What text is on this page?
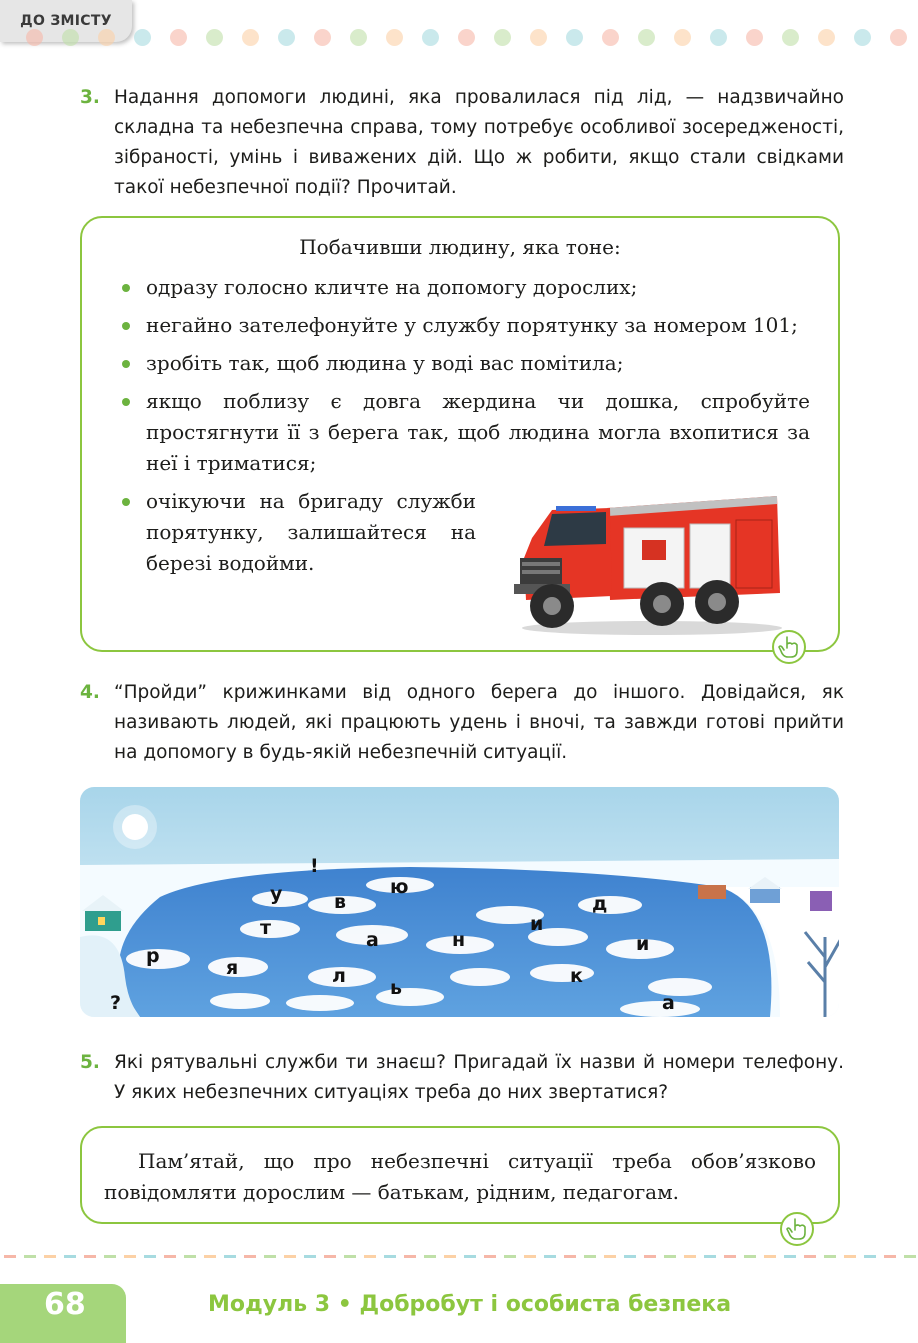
ДО ЗМІСТУ
3. Надання допомоги людині, яка провалилася під лід, — надзвичайно складна та небезпечна справа, тому потребує особливої зосередженості, зібраності, умінь і виважених дій. Що ж робити, якщо стали свідками такої небезпечної події? Прочитай.
Побачивши людину, яка тоне:
одразу голосно кличте на допомогу дорослих;
негайно зателефонуйте у службу порятунку за номером 101;
зробіть так, щоб людина у воді вас помітила;
якщо поблизу є довга жердина чи дошка, спробуйте простягнути її з берега так, щоб людина могла вхопитися за неї і триматися;
очікуючи на бригаду служби порятунку, залишайтеся на березі водойми.
4. “Пройди” крижинками від одного берега до іншого. Довідайся, як називають людей, які працюють удень і вночі, та завжди готові прийти на допомогу в будь-якій небезпечній ситуації.
!
у	в
ю
д
т
а	н
и
и
р
я	л
ь
к
а
?
5. Які рятувальні служби ти знаєш? Пригадай їх назви й номери телефону. У яких небезпечних ситуаціях треба до них звертатися?
Пам’ятай, що про небезпечні ситуації треба обов’язково повідомляти дорослим — батькам, рідним, педагогам.
68	Модуль 3 • Добробут і особиста безпека
